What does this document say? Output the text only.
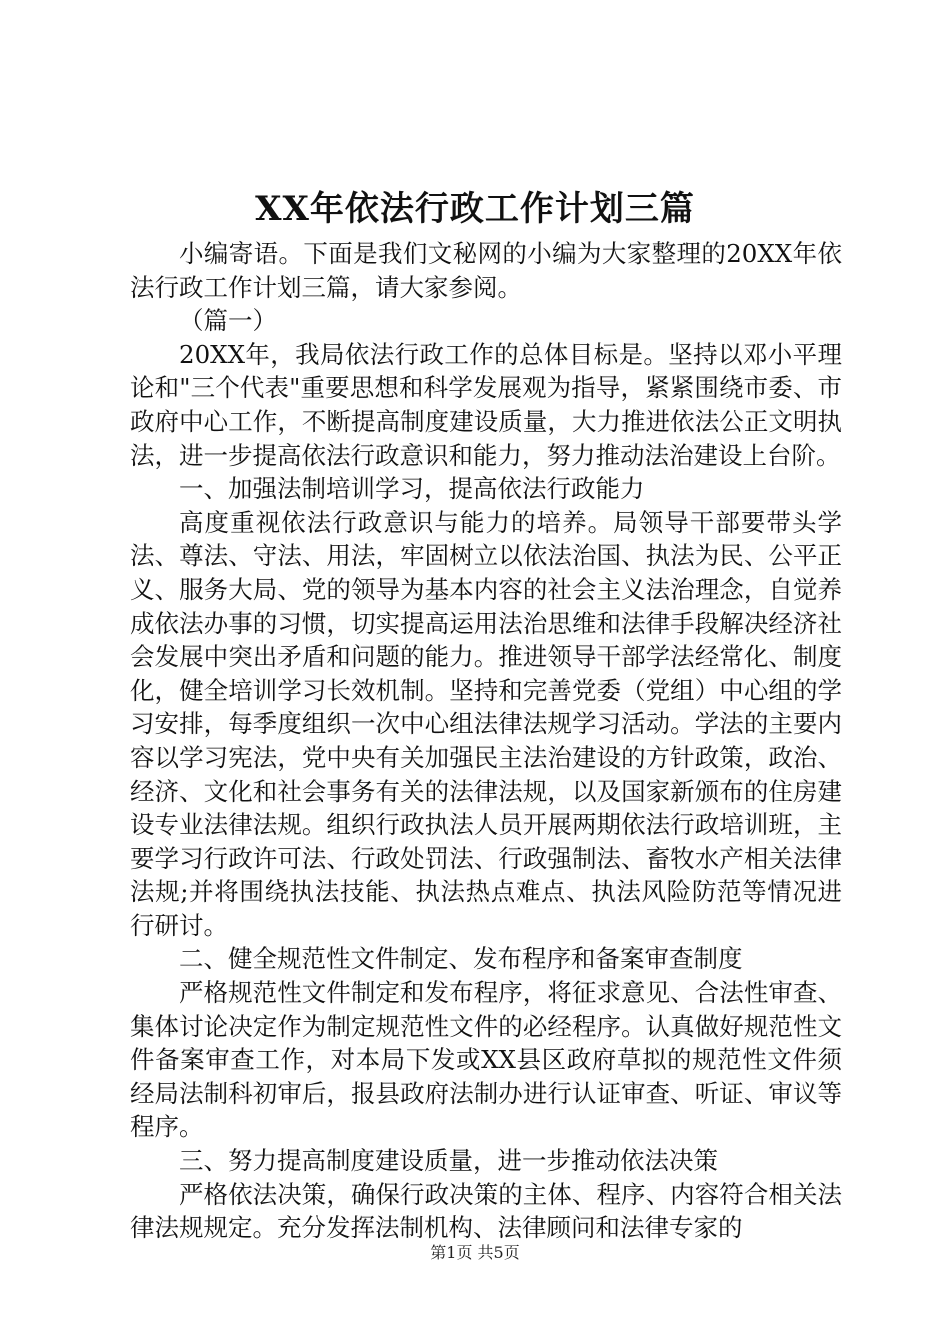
XX年依法行政工作计划三篇

小编寄语。下面是我们文秘网的小编为大家整理的20XX年依法行政工作计划三篇，请大家参阅。

（篇一）

20XX年，我局依法行政工作的总体目标是。坚持以邓小平理论和"三个代表"重要思想和科学发展观为指导，紧紧围绕市委、市政府中心工作，不断提高制度建设质量，大力推进依法公正文明执法，进一步提高依法行政意识和能力，努力推动法治建设上台阶。

一、加强法制培训学习，提高依法行政能力

高度重视依法行政意识与能力的培养。局领导干部要带头学法、尊法、守法、用法，牢固树立以依法治国、执法为民、公平正义、服务大局、党的领导为基本内容的社会主义法治理念，自觉养成依法办事的习惯，切实提高运用法治思维和法律手段解决经济社会发展中突出矛盾和问题的能力。推进领导干部学法经常化、制度化，健全培训学习长效机制。坚持和完善党委（党组）中心组的学习安排，每季度组织一次中心组法律法规学习活动。学法的主要内容以学习宪法，党中央有关加强民主法治建设的方针政策，政治、经济、文化和社会事务有关的法律法规，以及国家新颁布的住房建设专业法律法规。组织行政执法人员开展两期依法行政培训班，主要学习行政许可法、行政处罚法、行政强制法、畜牧水产相关法律法规;并将围绕执法技能、执法热点难点、执法风险防范等情况进行研讨。

二、健全规范性文件制定、发布程序和备案审查制度

严格规范性文件制定和发布程序，将征求意见、合法性审查、集体讨论决定作为制定规范性文件的必经程序。认真做好规范性文件备案审查工作，对本局下发或XX县区政府草拟的规范性文件须经局法制科初审后，报县政府法制办进行认证审查、听证、审议等程序。

三、努力提高制度建设质量，进一步推动依法决策

严格依法决策，确保行政决策的主体、程序、内容符合相关法律法规规定。充分发挥法制机构、法律顾问和法律专家的

第1页 共5页
